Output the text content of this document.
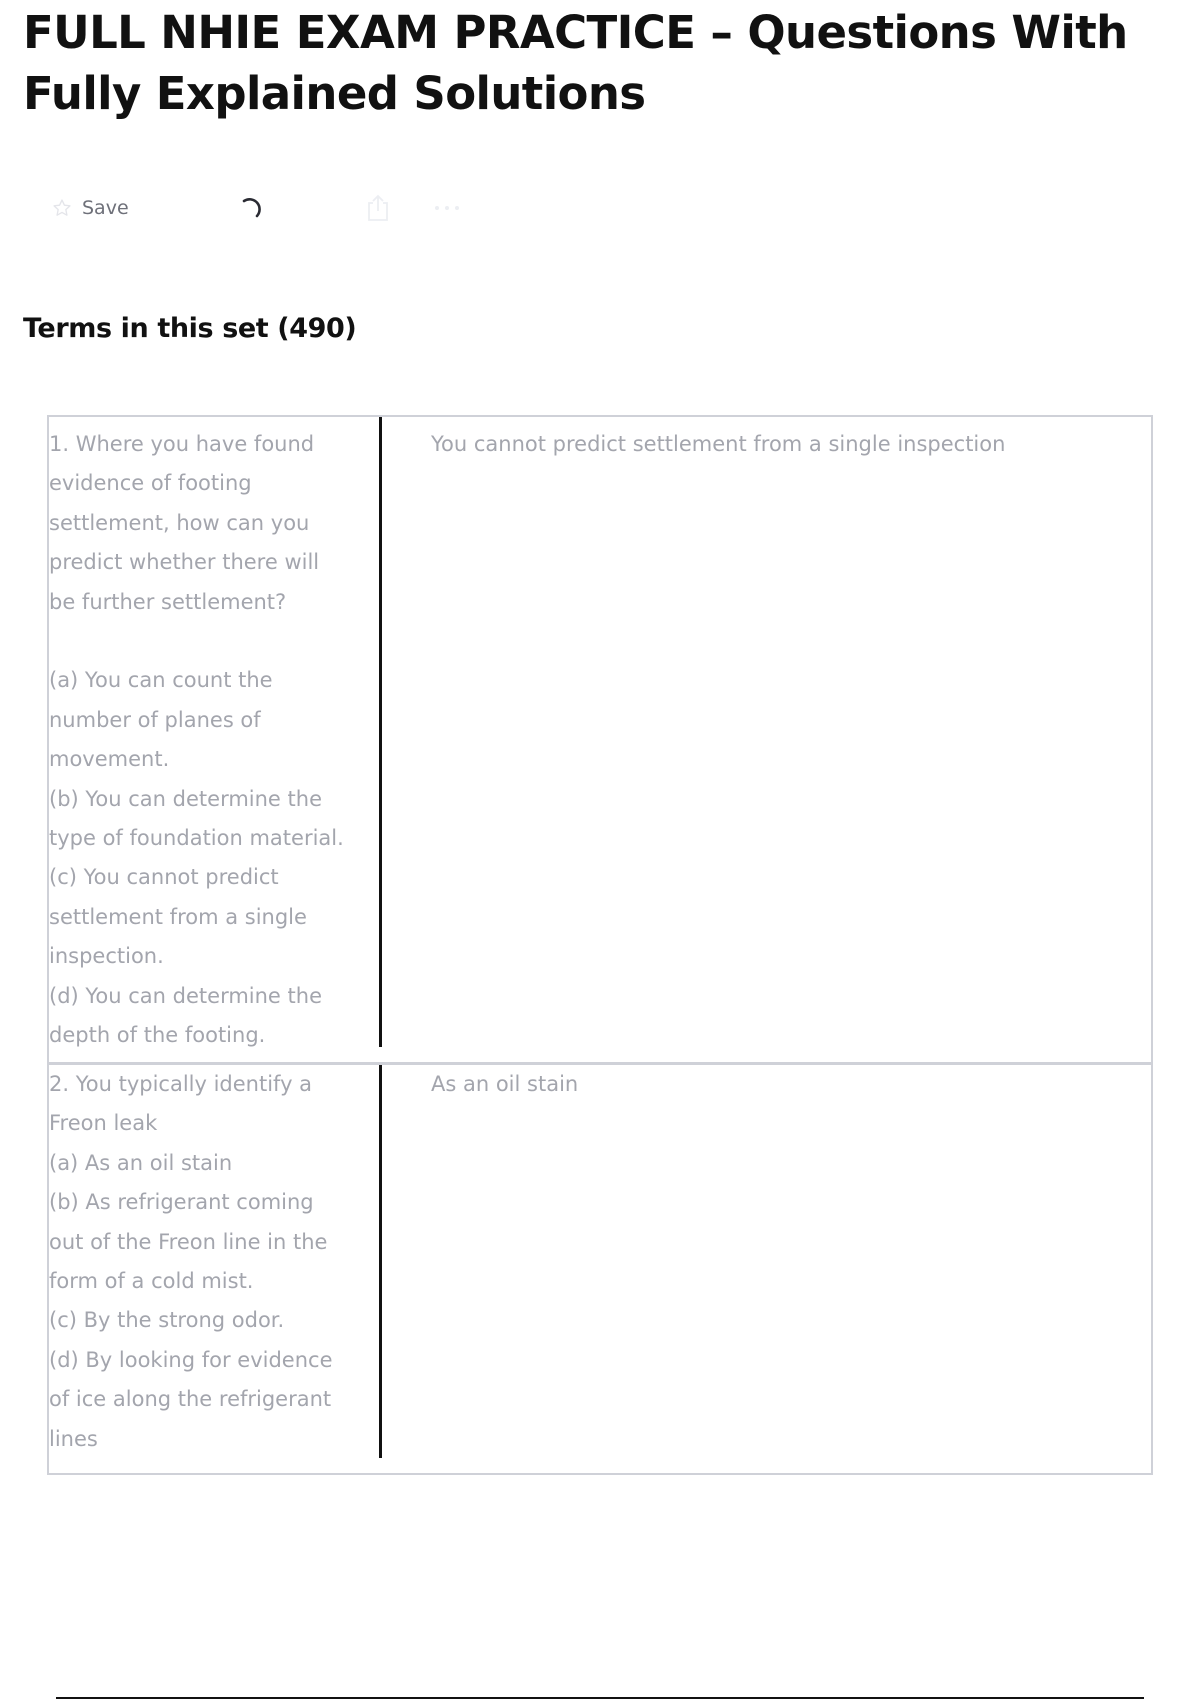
FULL NHIE EXAM PRACTICE – Questions With Fully Explained Solutions
Save
Terms in this set (490)
1. Where you have found
evidence of footing
settlement, how can you
predict whether there will
be further settlement?

(a) You can count the
number of planes of
movement.
(b) You can determine the
type of foundation material.
(c) You cannot predict
settlement from a single
inspection.
(d) You can determine the
depth of the footing.
You cannot predict settlement from a single inspection
2. You typically identify a
Freon leak
(a) As an oil stain
(b) As refrigerant coming
out of the Freon line in the
form of a cold mist.
(c) By the strong odor.
(d) By looking for evidence
of ice along the refrigerant
lines
As an oil stain
